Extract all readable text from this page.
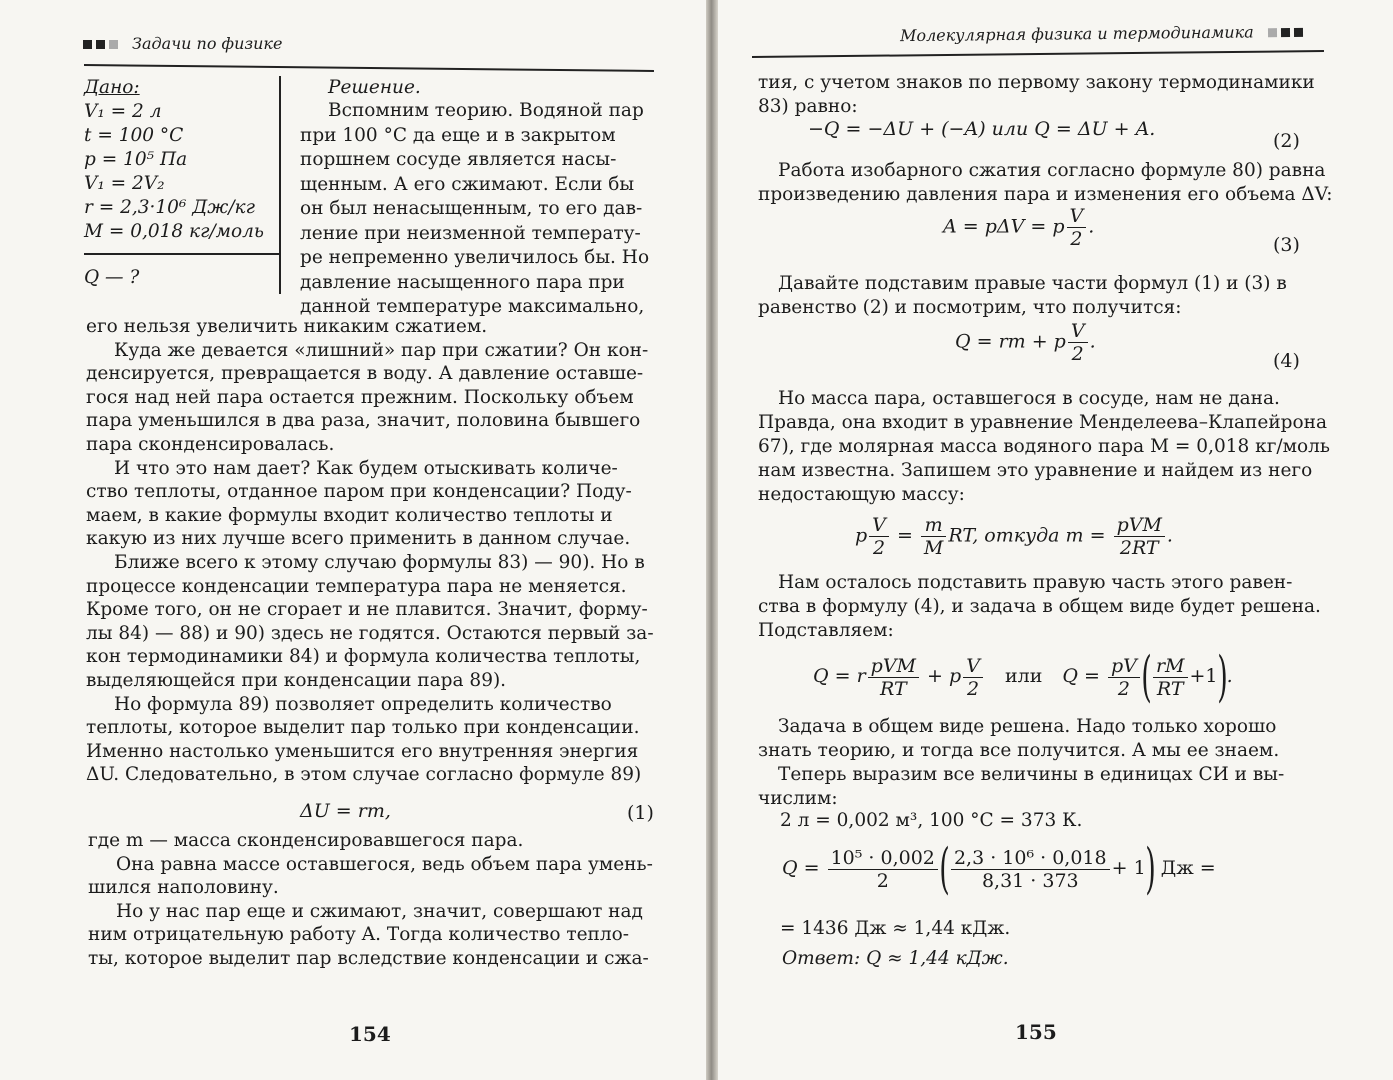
Задачи по физике
Дано:
V₁ = 2 л
t = 100 °С
p = 10⁵ Па
V₁ = 2V₂
r = 2,3·10⁶ Дж/кг
M = 0,018 кг/моль
Q — ?
Решение.
Вспомним теорию. Водяной пар
при 100 °С да еще и в закрытом
поршнем сосуде является насы-
щенным. А его сжимают. Если бы
он был ненасыщенным, то его дав-
ление при неизменной температу-
ре непременно увеличилось бы. Но
давление насыщенного пара при
данной температуре максимально,
его нельзя увеличить никаким сжатием.
Куда же девается «лишний» пар при сжатии? Он кон-
денсируется, превращается в воду. А давление оставше-
гося над ней пара остается прежним. Поскольку объем
пара уменьшился в два раза, значит, половина бывшего
пара сконденсировалась.
И что это нам дает? Как будем отыскивать количе-
ство теплоты, отданное паром при конденсации? Поду-
маем, в какие формулы входит количество теплоты и
какую из них лучше всего применить в данном случае.
Ближе всего к этому случаю формулы 83) — 90). Но в
процессе конденсации температура пара не меняется.
Кроме того, он не сгорает и не плавится. Значит, форму-
лы 84) — 88) и 90) здесь не годятся. Остаются первый за-
кон термодинамики 84) и формула количества теплоты,
выделяющейся при конденсации пара 89).
Но формула 89) позволяет определить количество
теплоты, которое выделит пар только при конденсации.
Именно настолько уменьшится его внутренняя энергия
ΔU. Следовательно, в этом случае согласно формуле 89)
ΔU = rm,	(1)
где m — масса сконденсировавшегося пара.
Она равна массе оставшегося, ведь объем пара умень-
шился наполовину.
Но у нас пар еще и сжимают, значит, совершают над
ним отрицательную работу A. Тогда количество тепло-
ты, которое выделит пар вследствие конденсации и сжа-
154
Молекулярная физика и термодинамика
тия, с учетом знаков по первому закону термодинамики
83) равно:
−Q = −ΔU + (−A) или Q = ΔU + A.
(2)
Работа изобарного сжатия согласно формуле 80) равна
произведению давления пара и изменения его объема ΔV:
A = pΔV = p $\frac{V}{2}$ .
(3)
Давайте подставим правые части формул (1) и (3) в
равенство (2) и посмотрим, что получится:
Q = rm + p $\frac{V}{2}$ .
(4)
Но масса пара, оставшегося в сосуде, нам не дана.
Правда, она входит в уравнение Менделеева–Клапейрона
67), где молярная масса водяного пара M = 0,018 кг/моль
нам известна. Запишем это уравнение и найдем из него
недостающую массу:
p $\frac{V}{2} = \frac{m}{M}$ RT, откуда $m = \frac{\text{pVM}}{2RT}$ .
Нам осталось подставить правую часть этого равен-
ства в формулу (4), и задача в общем виде будет решена.
Подставляем:
Q = r $\frac{\text{pVM}}{RT} + p \frac{V}{2}$ или $Q = \frac{pV}{2}$ ( $\frac{rM}{RT} +1$).
Задача в общем виде решена. Надо только хорошо
знать теорию, и тогда все получится. А мы ее знаем.
Теперь выразим все величины в единицах СИ и вы-
числим:
2 л = 0,002 м³, 100 °С = 373 К.
$Q = \frac{\text{10⁵ · 0,002}}{2}$ ( $\frac{\text{2,3 · 10⁶ · 0,018}}{8,31 \cdot 373} + 1$) Дж =
= 1436 Дж ≈ 1,44 кДж.
Ответ: Q ≈ 1,44 кДж.
155
